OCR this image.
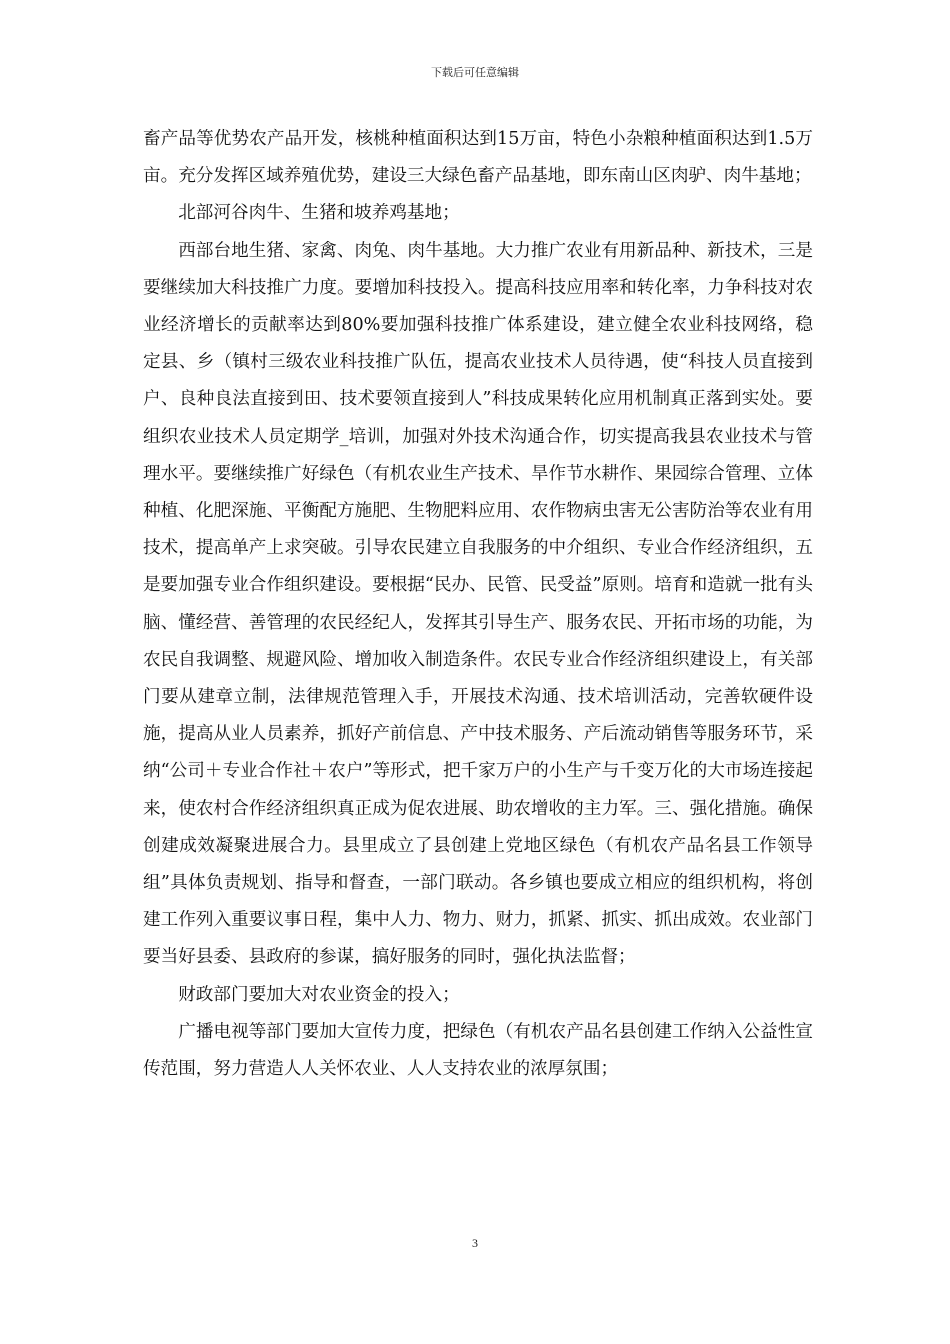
下载后可任意编辑

畜产品等优势农产品开发，核桃种植面积达到15万亩，特色小杂粮种植面积达到1.5万亩。充分发挥区域养殖优势，建设三大绿色畜产品基地，即东南山区肉驴、肉牛基地；

北部河谷肉牛、生猪和坡养鸡基地；

西部台地生猪、家禽、肉兔、肉牛基地。大力推广农业有用新品种、新技术，三是要继续加大科技推广力度。要增加科技投入。提高科技应用率和转化率，力争科技对农业经济增长的贡献率达到80%要加强科技推广体系建设，建立健全农业科技网络，稳定县、乡（镇村三级农业科技推广队伍，提高农业技术人员待遇，使“科技人员直接到户、良种良法直接到田、技术要领直接到人”科技成果转化应用机制真正落到实处。要组织农业技术人员定期学_培训，加强对外技术沟通合作，切实提高我县农业技术与管理水平。要继续推广好绿色（有机农业生产技术、旱作节水耕作、果园综合管理、立体种植、化肥深施、平衡配方施肥、生物肥料应用、农作物病虫害无公害防治等农业有用技术，提高单产上求突破。引导农民建立自我服务的中介组织、专业合作经济组织，五是要加强专业合作组织建设。要根据“民办、民管、民受益”原则。培育和造就一批有头脑、懂经营、善管理的农民经纪人，发挥其引导生产、服务农民、开拓市场的功能，为农民自我调整、规避风险、增加收入制造条件。农民专业合作经济组织建设上，有关部门要从建章立制，法律规范管理入手，开展技术沟通、技术培训活动，完善软硬件设施，提高从业人员素养，抓好产前信息、产中技术服务、产后流动销售等服务环节，采纳“公司＋专业合作社＋农户”等形式，把千家万户的小生产与千变万化的大市场连接起来，使农村合作经济组织真正成为促农进展、助农增收的主力军。三、强化措施。确保创建成效凝聚进展合力。县里成立了县创建上党地区绿色（有机农产品名县工作领导组”具体负责规划、指导和督查，一部门联动。各乡镇也要成立相应的组织机构，将创建工作列入重要议事日程，集中人力、物力、财力，抓紧、抓实、抓出成效。农业部门要当好县委、县政府的参谋，搞好服务的同时，强化执法监督；

财政部门要加大对农业资金的投入；

广播电视等部门要加大宣传力度，把绿色（有机农产品名县创建工作纳入公益性宣传范围，努力营造人人关怀农业、人人支持农业的浓厚氛围；

3
